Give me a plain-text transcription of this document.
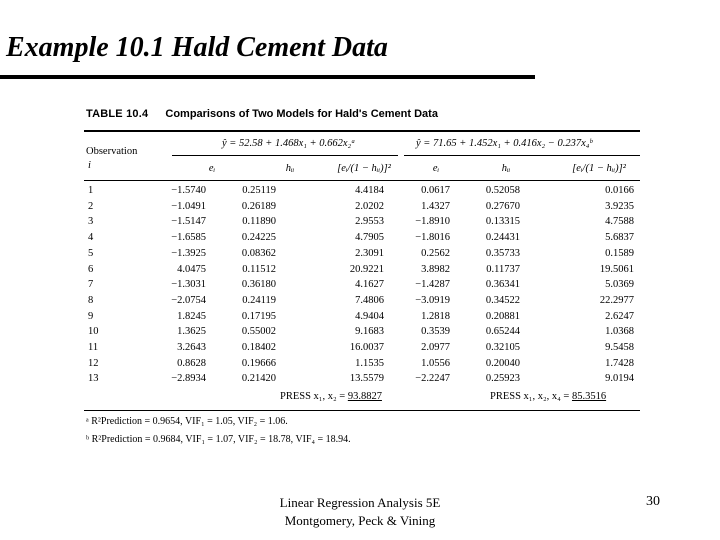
Example 10.1 Hald Cement Data
TABLE 10.4 Comparisons of Two Models for Hald's Cement Data
Observation
i
ŷ = 52.58 + 1.468x₁ + 0.662x₂ᵃ	ŷ = 71.65 + 1.452x₁ + 0.416x₂ − 0.237x₄ᵇ
eᵢ	hᵢᵢ	[eᵢ/(1 − hᵢᵢ)]²	eᵢ	hᵢᵢ	[eᵢ/(1 − hᵢᵢ)]²
1	−1.5740	0.25119	4.4184	0.0617	0.52058	0.0166
2	−1.0491	0.26189	2.0202	1.4327	0.27670	3.9235
3	−1.5147	0.11890	2.9553	−1.8910	0.13315	4.7588
4	−1.6585	0.24225	4.7905	−1.8016	0.24431	5.6837
5	−1.3925	0.08362	2.3091	0.2562	0.35733	0.1589
6	4.0475	0.11512	20.9221	3.8982	0.11737	19.5061
7	−1.3031	0.36180	4.1627	−1.4287	0.36341	5.0369
8	−2.0754	0.24119	7.4806	−3.0919	0.34522	22.2977
9	1.8245	0.17195	4.9404	1.2818	0.20881	2.6247
10	1.3625	0.55002	9.1683	0.3539	0.65244	1.0368
11	3.2643	0.18402	16.0037	2.0977	0.32105	9.5458
12	0.8628	0.19666	1.1535	1.0556	0.20040	1.7428
13	−2.8934	0.21420	13.5579	−2.2247	0.25923	9.0194
PRESS x₁, x₂ = 93.8827	PRESS x₁, x₂, x₄ = 85.3516
ᵃ R²Prediction = 0.9654, VIF₁ = 1.05, VIF₂ = 1.06.
ᵇ R²Prediction = 0.9684, VIF₁ = 1.07, VIF₂ = 18.78, VIF₄ = 18.94.
Linear Regression Analysis 5E
Montgomery, Peck & Vining
30
